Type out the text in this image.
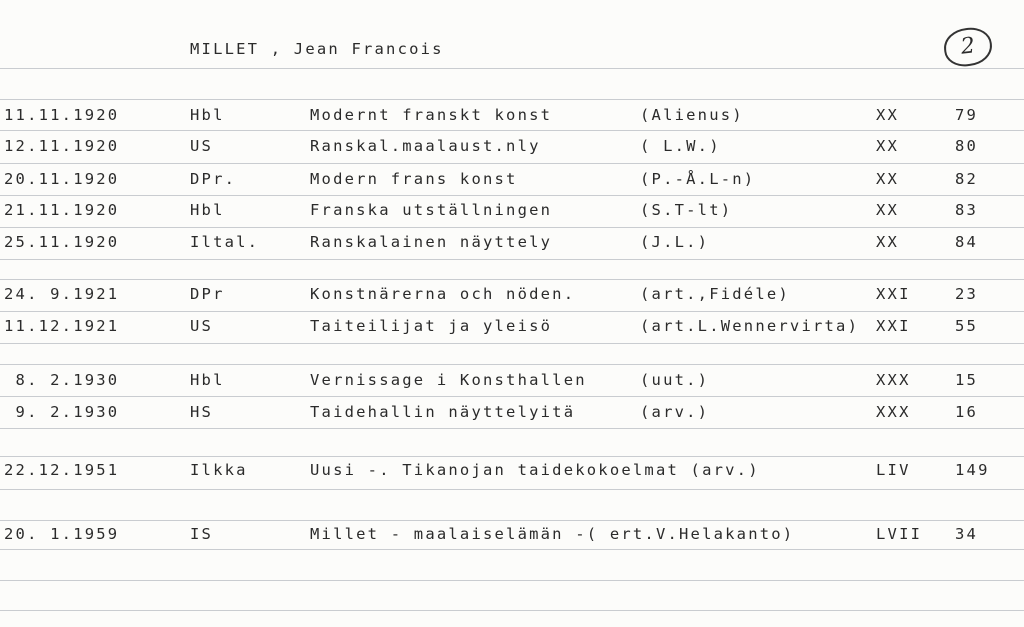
MILLET , Jean Francois	2
11.11.1920	Hbl	Modernt franskt konst	(Alienus)	XX	79
12.11.1920	US	Ranskal.maalaust.nly	( L.W.)	XX	80
20.11.1920	DPr.	Modern frans konst	(P.-Å.L-n)	XX	82
21.11.1920	Hbl	Franska utställningen	(S.T-lt)	XX	83
25.11.1920	Iltal.	Ranskalainen näyttely	(J.L.)	XX	84
24. 9.1921	DPr	Konstnärerna och nöden.	(art.,Fidéle)	XXI	23
11.12.1921	US	Taiteilijat ja yleisö	(art.L.Wennervirta) XXI	55
8. 2.1930	Hbl	Vernissage i Konsthallen	(uut.)	XXX	15
9. 2.1930	HS	Taidehallin näyttelyitä	(arv.)	XXX	16
22.12.1951	Ilkka	Uusi -. Tikanojan taidekokoelmat (arv.)	LIV	149
20. 1.1959	IS	Millet - maalaiselämän -( ert.V.Helakanto)	LVII 34
